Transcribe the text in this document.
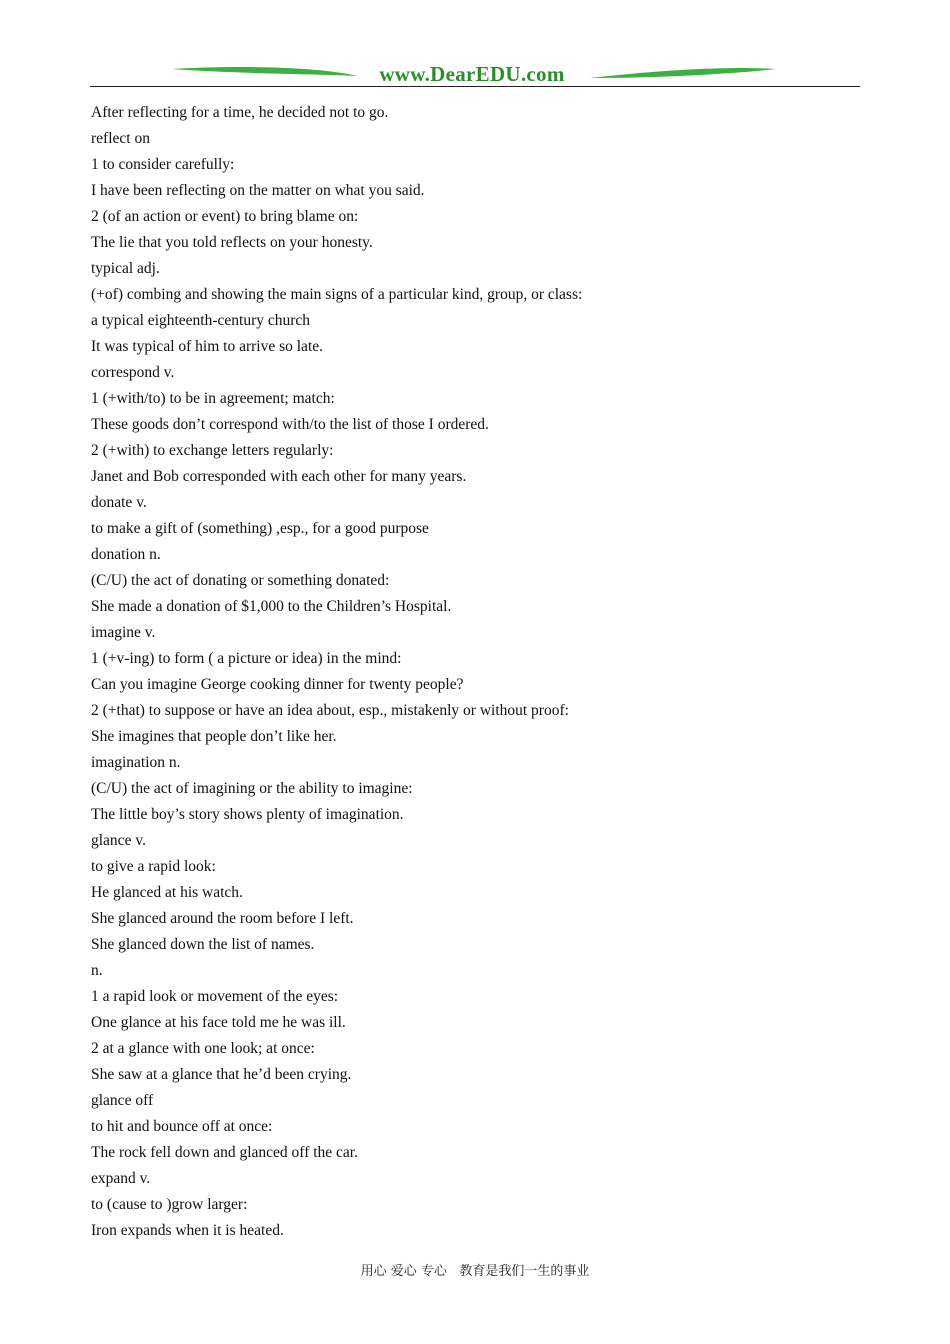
www.DearEDU.com
After reflecting for a time, he decided not to go.
reflect on
1 to consider carefully:
I have been reflecting on the matter on what you said.
2 (of an action or event) to bring blame on:
The lie that you told reflects on your honesty.
typical adj.
(+of) combing and showing the main signs of a particular kind, group, or class:
a typical eighteenth-century church
It was typical of him to arrive so late.
correspond v.
1 (+with/to) to be in agreement; match:
These goods don’t correspond with/to the list of those I ordered.
2 (+with) to exchange letters regularly:
Janet and Bob corresponded with each other for many years.
donate v.
to make a gift of (something) ,esp., for a good purpose
donation n.
(C/U) the act of donating or something donated:
She made a donation of $1,000 to the Children’s Hospital.
imagine v.
1 (+v-ing) to form ( a picture or idea) in the mind:
Can you imagine George cooking dinner for twenty people?
2 (+that) to suppose or have an idea about, esp., mistakenly or without proof:
She imagines that people don’t like her.
imagination n.
(C/U) the act of imagining or the ability to imagine:
The little boy’s story shows plenty of imagination.
glance v.
to give a rapid look:
He glanced at his watch.
She glanced around the room before I left.
She glanced down the list of names.
n.
1 a rapid look or movement of the eyes:
One glance at his face told me he was ill.
2 at a glance with one look; at once:
She saw at a glance that he’d been crying.
glance off
to hit and bounce off at once:
The rock fell down and glanced off the car.
expand v.
to (cause to )grow larger:
Iron expands when it is heated.
用心 爱心 专心   教育是我们一生的事业
